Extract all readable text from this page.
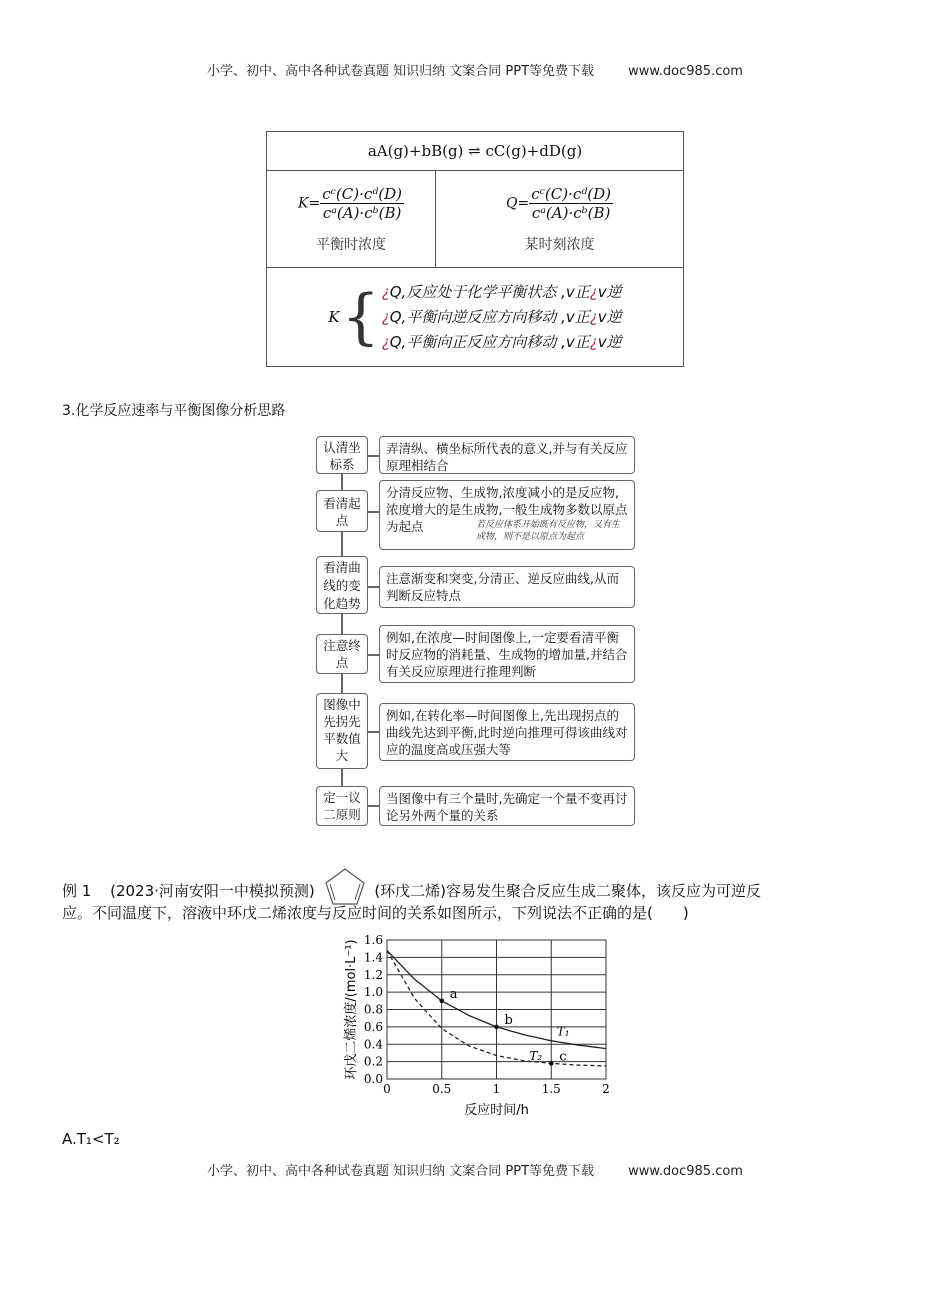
小学、初中、高中各种试卷真题 知识归纳 文案合同 PPT等免费下载	www.doc985.com
aA(g)+bB(g) ⇌ cC(g)+dD(g)

$K= \frac{\text{cᶜ(C)·cᵈ(D)}}{\text{cᵃ(A)·cᵇ(B)}}$
平衡时浓度

$Q= \frac{\text{cᶜ(C)·cᵈ(D)}}{\text{cᵃ(A)·cᵇ(B)}}$
某时刻浓度

K { ¿Q,反应处于化学平衡状态 ,v正¿v逆
¿Q,平衡向逆反应方向移动 ,v正¿v逆
¿Q,平衡向正反应方向移动 ,v正¿v逆
3.化学反应速率与平衡图像分析思路
认清坐标系
弄清纵、横坐标所代表的意义,并与有关反应原理相结合
看清起点
分清反应物、生成物,浓度减小的是反应物,浓度增大的是生成物,一般生成物多数以原点为起点	若反应体系开始既有反应物，又有生成物，则不是以原点为起点
看清曲线的变化趋势
注意渐变和突变,分清正、逆反应曲线,从而判断反应特点
注意终点
例如,在浓度—时间图像上,一定要看清平衡时反应物的消耗量、生成物的增加量,并结合有关反应原理进行推理判断
图像中先拐先平数值大
例如,在转化率—时间图像上,先出现拐点的曲线先达到平衡,此时逆向推理可得该曲线对应的温度高或压强大等
定一议二原则
当图像中有三个量时,先确定一个量不变再讨论另外两个量的关系
例 1 (2023·河南安阳一中模拟预测)	(环戊二烯)容易发生聚合反应生成二聚体，该反应为可逆反
应。不同温度下，溶液中环戊二烯浓度与反应时间的关系如图所示，下列说法不正确的是(　　)
0.0
0.2
0.4
0.6
0.8
1.0
1.2
1.4
1.6
0	0.5	1	1.5	2
a
b
c
T₁
T₂
反应时间/h
环戊二烯浓度/(mol·L⁻¹)
A.T₁<T₂
小学、初中、高中各种试卷真题 知识归纳 文案合同 PPT等免费下载	www.doc985.com
